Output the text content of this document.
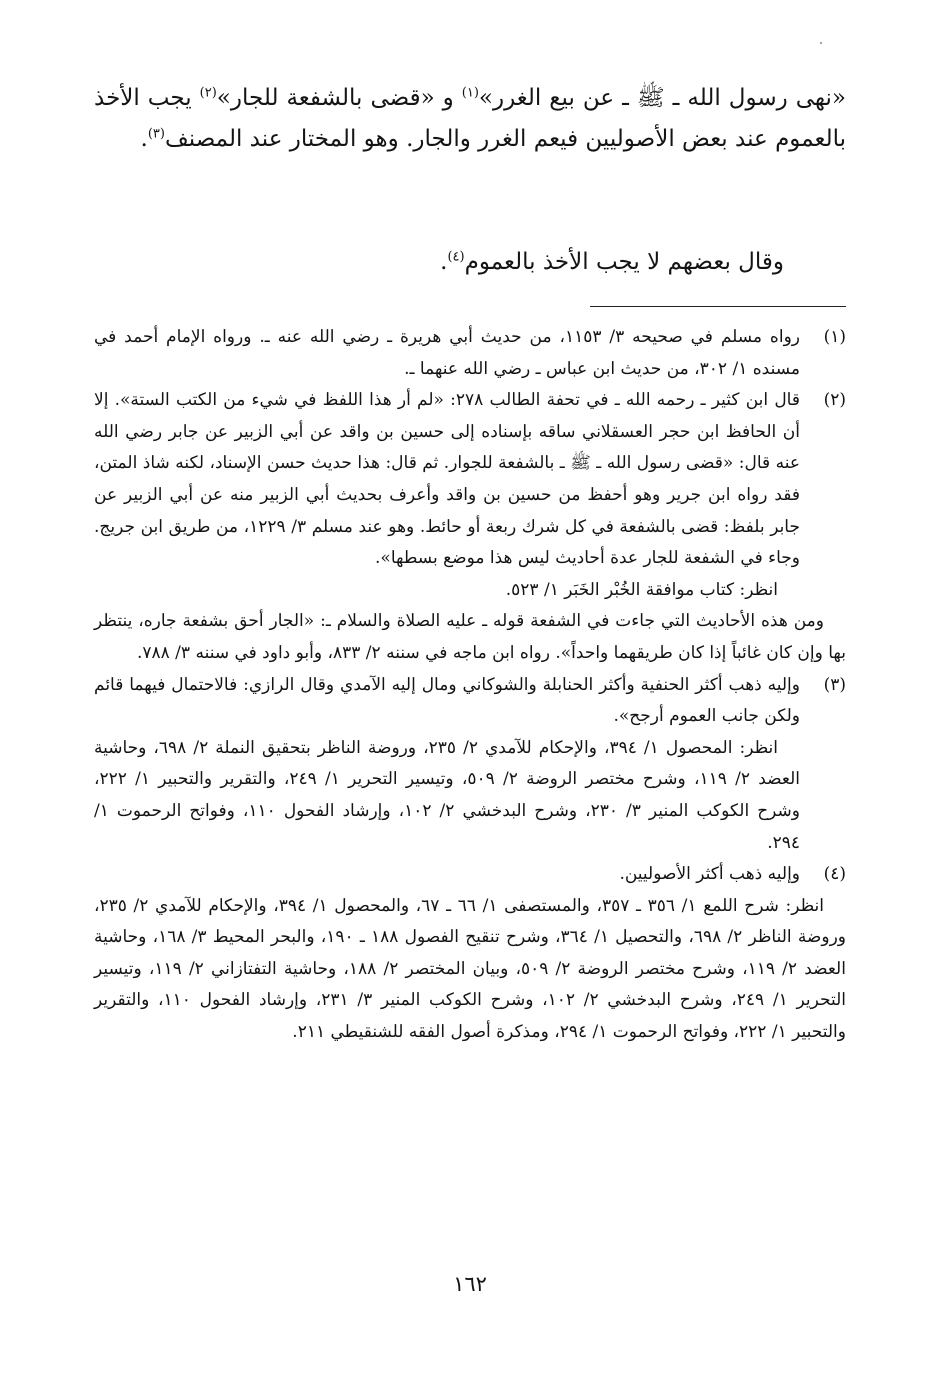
«نهى رسول الله ـ ﷺ ـ عن بيع الغرر»$^{(١)}$ و «قضى بالشفعة للجار»$^{(٢)}$ يجب الأخذ بالعموم عند بعض الأصوليين فيعم الغرر والجار. وهو المختار عند المصنف$^{(٣)}$.

وقال بعضهم لا يجب الأخذ بالعموم$^{(٤)}$.

(١)

رواه مسلم في صحيحه ٣/ ١١٥٣، من حديث أبي هريرة ـ رضي الله عنه ـ. ورواه الإمام أحمد في مسنده ١/ ٣٠٢، من حديث ابن عباس ـ رضي الله عنهما ـ.

(٢)

قال ابن كثير ـ رحمه الله ـ في تحفة الطالب ٢٧٨: «لم أر هذا اللفظ في شيء من الكتب الستة». إلا أن الحافظ ابن حجر العسقلاني ساقه بإسناده إلى حسين بن واقد عن أبي الزبير عن جابر رضي الله عنه قال: «قضى رسول الله ـ ﷺ ـ بالشفعة للجوار. ثم قال: هذا حديث حسن الإسناد، لكنه شاذ المتن، فقد رواه ابن جرير وهو أحفظ من حسين بن واقد وأعرف بحديث أبي الزبير منه عن أبي الزبير عن جابر بلفظ: قضى بالشفعة في كل شرك ربعة أو حائط. وهو عند مسلم ٣/ ١٢٢٩، من طريق ابن جريج. وجاء في الشفعة للجار عدة أحاديث ليس هذا موضع بسطها».

انظر: كتاب موافقة الخُبْر الخَبَر ١/ ٥٢٣.

ومن هذه الأحاديث التي جاءت في الشفعة قوله ـ عليه الصلاة والسلام ـ: «الجار أحق بشفعة جاره، ينتظر بها وإن كان غائباً إذا كان طريقهما واحداً». رواه ابن ماجه في سننه ٢/ ٨٣٣، وأبو داود في سننه ٣/ ٧٨٨.

(٣)

وإليه ذهب أكثر الحنفية وأكثر الحنابلة والشوكاني ومال إليه الآمدي وقال الرازي: فالاحتمال فيهما قائم ولكن جانب العموم أرجح».

انظر: المحصول ١/ ٣٩٤، والإحكام للآمدي ٢/ ٢٣٥، وروضة الناظر بتحقيق النملة ٢/ ٦٩٨، وحاشية العضد ٢/ ١١٩، وشرح مختصر الروضة ٢/ ٥٠٩، وتيسير التحرير ١/ ٢٤٩، والتقرير والتحبير ١/ ٢٢٢، وشرح الكوكب المنير ٣/ ٢٣٠، وشرح البدخشي ٢/ ١٠٢، وإرشاد الفحول ١١٠، وفواتح الرحموت ١/ ٢٩٤.

(٤)

وإليه ذهب أكثر الأصوليين.

انظر: شرح اللمع ١/ ٣٥٦ ـ ٣٥٧، والمستصفى ١/ ٦٦ ـ ٦٧، والمحصول ١/ ٣٩٤، والإحكام للآمدي ٢/ ٢٣٥، وروضة الناظر ٢/ ٦٩٨، والتحصيل ١/ ٣٦٤، وشرح تنقيح الفصول ١٨٨ ـ ١٩٠، والبحر المحيط ٣/ ١٦٨، وحاشية العضد ٢/ ١١٩، وشرح مختصر الروضة ٢/ ٥٠٩، وبيان المختصر ٢/ ١٨٨، وحاشية التفتازاني ٢/ ١١٩، وتيسير التحرير ١/ ٢٤٩، وشرح البدخشي ٢/ ١٠٢، وشرح الكوكب المنير ٣/ ٢٣١، وإرشاد الفحول ١١٠، والتقرير والتحبير ١/ ٢٢٢، وفواتح الرحموت ١/ ٢٩٤، ومذكرة أصول الفقه للشنقيطي ٢١١.

١٦٢
